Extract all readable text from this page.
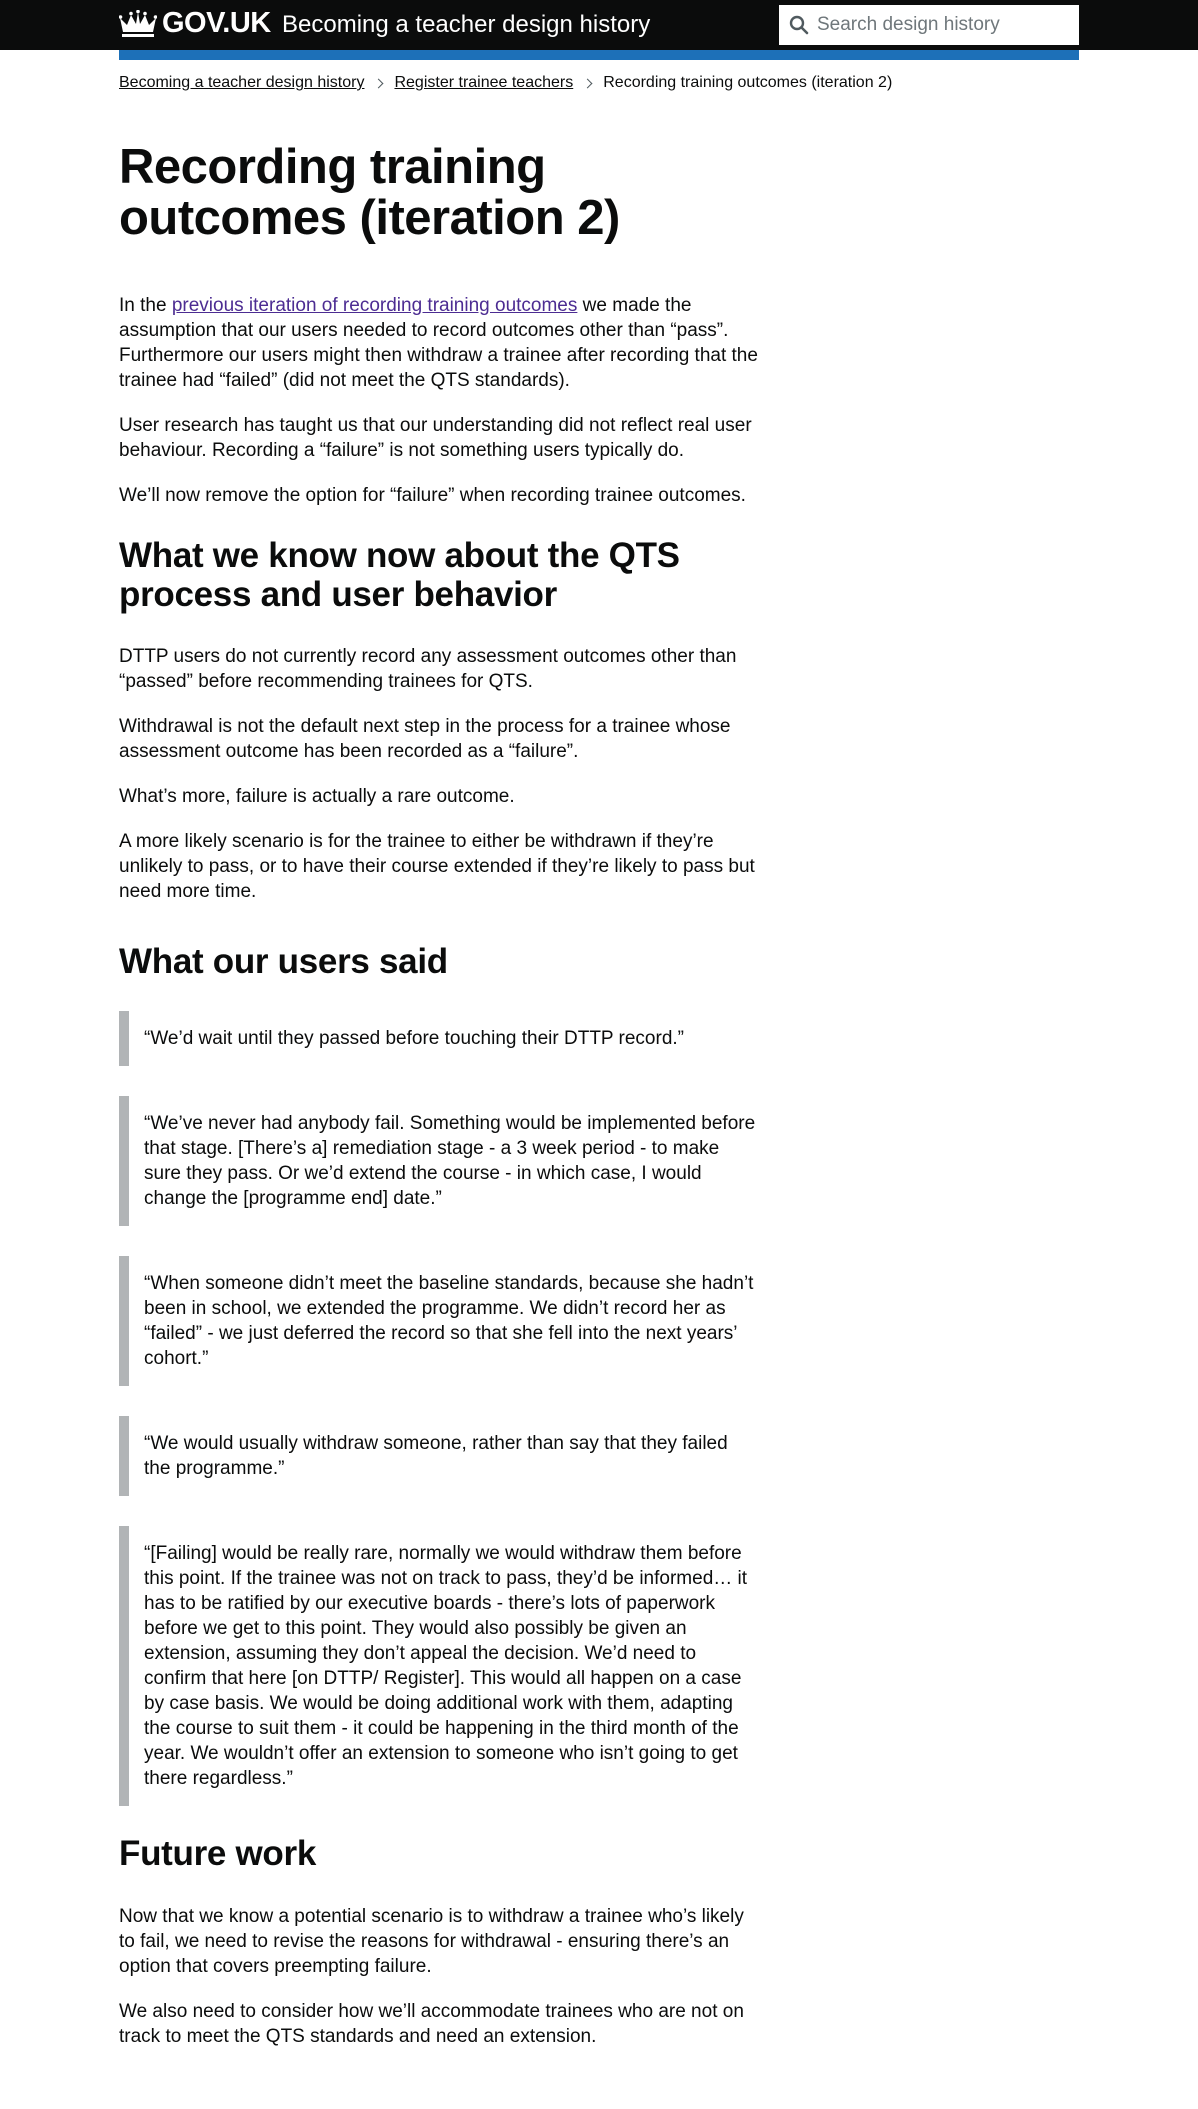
GOV.UK Becoming a teacher design history
Search design history
Becoming a teacher design history Register trainee teachers Recording training outcomes (iteration 2)
Recording training outcomes (iteration 2)

In the previous iteration of recording training outcomes we made the assumption that our users needed to record outcomes other than “pass”. Furthermore our users might then withdraw a trainee after recording that the trainee had “failed” (did not meet the QTS standards).

User research has taught us that our understanding did not reflect real user behaviour. Recording a “failure” is not something users typically do.

We’ll now remove the option for “failure” when recording trainee outcomes.

What we know now about the QTS process and user behavior

DTTP users do not currently record any assessment outcomes other than “passed” before recommending trainees for QTS.

Withdrawal is not the default next step in the process for a trainee whose assessment outcome has been recorded as a “failure”.

What’s more, failure is actually a rare outcome.

A more likely scenario is for the trainee to either be withdrawn if they’re unlikely to pass, or to have their course extended if they’re likely to pass but need more time.

What our users said

“We’d wait until they passed before touching their DTTP record.”

“We’ve never had anybody fail. Something would be implemented before that stage. [There’s a] remediation stage - a 3 week period - to make sure they pass. Or we’d extend the course - in which case, I would change the [programme end] date.”

“When someone didn’t meet the baseline standards, because she hadn’t been in school, we extended the programme. We didn’t record her as “failed” - we just deferred the record so that she fell into the next years’ cohort.”

“We would usually withdraw someone, rather than say that they failed the programme.”

“[Failing] would be really rare, normally we would withdraw them before this point. If the trainee was not on track to pass, they’d be informed… it has to be ratified by our executive boards - there’s lots of paperwork before we get to this point. They would also possibly be given an extension, assuming they don’t appeal the decision. We’d need to confirm that here [on DTTP/ Register]. This would all happen on a case by case basis. We would be doing additional work with them, adapting the course to suit them - it could be happening in the third month of the year. We wouldn’t offer an extension to someone who isn’t going to get there regardless.”

Future work

Now that we know a potential scenario is to withdraw a trainee who’s likely to fail, we need to revise the reasons for withdrawal - ensuring there’s an option that covers preempting failure.

We also need to consider how we’ll accommodate trainees who are not on track to meet the QTS standards and need an extension.
